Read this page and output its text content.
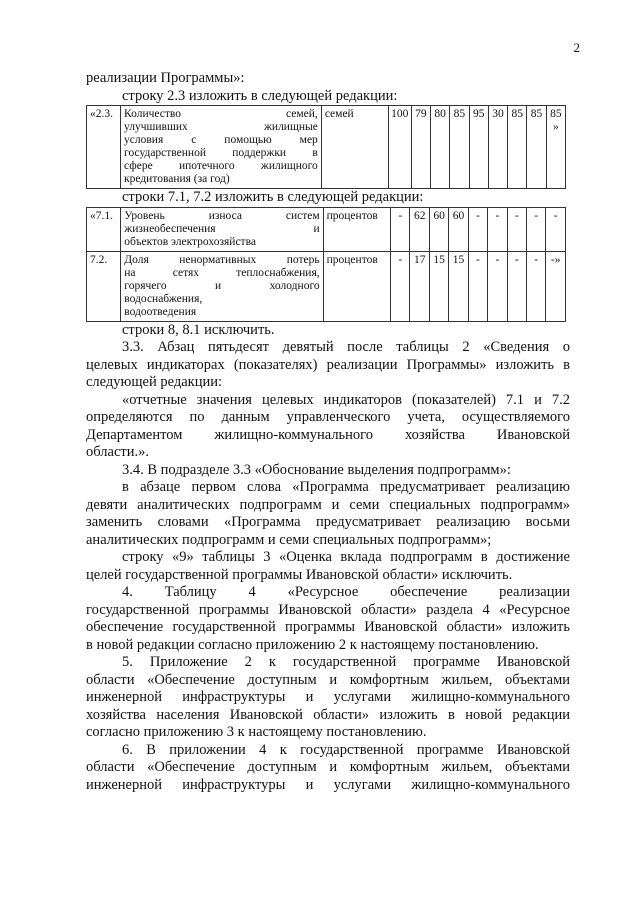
2
реализации Программы»:
строку 2.3 изложить в следующей редакции:
«2.3.	Количество семей,
улучшивших жилищные
условия с помощью мер
государственной поддержки в
сфере ипотечного жилищного
кредитования (за год)
	семей	100	79	80	85	95	30	85	85	85 »
строки 7.1, 7.2 изложить в следующей редакции:
«7.1.	Уровень износа систем
жизнеобеспечения и
объектов электрохозяйства	процентов	-	62	60	60	-	-	-	-	-
7.2.	Доля ненормативных потерь
на сетях теплоснабжения,
горячего и холодного
водоснабжения,
водоотведения	процентов	-	17	15	15	-	-	-	-	-»
строки 8, 8.1 исключить.
3.3. Абзац пятьдесят девятый после таблицы 2 «Сведения о
целевых индикаторах (показателях) реализации Программы» изложить в
следующей редакции:
«отчетные значения целевых индикаторов (показателей) 7.1 и 7.2
определяются по данным управленческого учета, осуществляемого
Департаментом жилищно-коммунального хозяйства Ивановской
области.».
3.4. В подразделе 3.3 «Обоснование выделения подпрограмм»:
в абзаце первом слова «Программа предусматривает реализацию
девяти аналитических подпрограмм и семи специальных подпрограмм»
заменить словами «Программа предусматривает реализацию восьми
аналитических подпрограмм и семи специальных подпрограмм»;
строку «9» таблицы 3 «Оценка вклада подпрограмм в достижение
целей государственной программы Ивановской области» исключить.
4. Таблицу 4 «Ресурсное обеспечение реализации
государственной программы Ивановской области» раздела 4 «Ресурсное
обеспечение государственной программы Ивановской области» изложить
в новой редакции согласно приложению 2 к настоящему постановлению.
5. Приложение 2 к государственной программе Ивановской
области «Обеспечение доступным и комфортным жильем, объектами
инженерной инфраструктуры и услугами жилищно-коммунального
хозяйства населения Ивановской области» изложить в новой редакции
согласно приложению 3 к настоящему постановлению.
6. В приложении 4 к государственной программе Ивановской
области «Обеспечение доступным и комфортным жильем, объектами
инженерной инфраструктуры и услугами жилищно-коммунального
